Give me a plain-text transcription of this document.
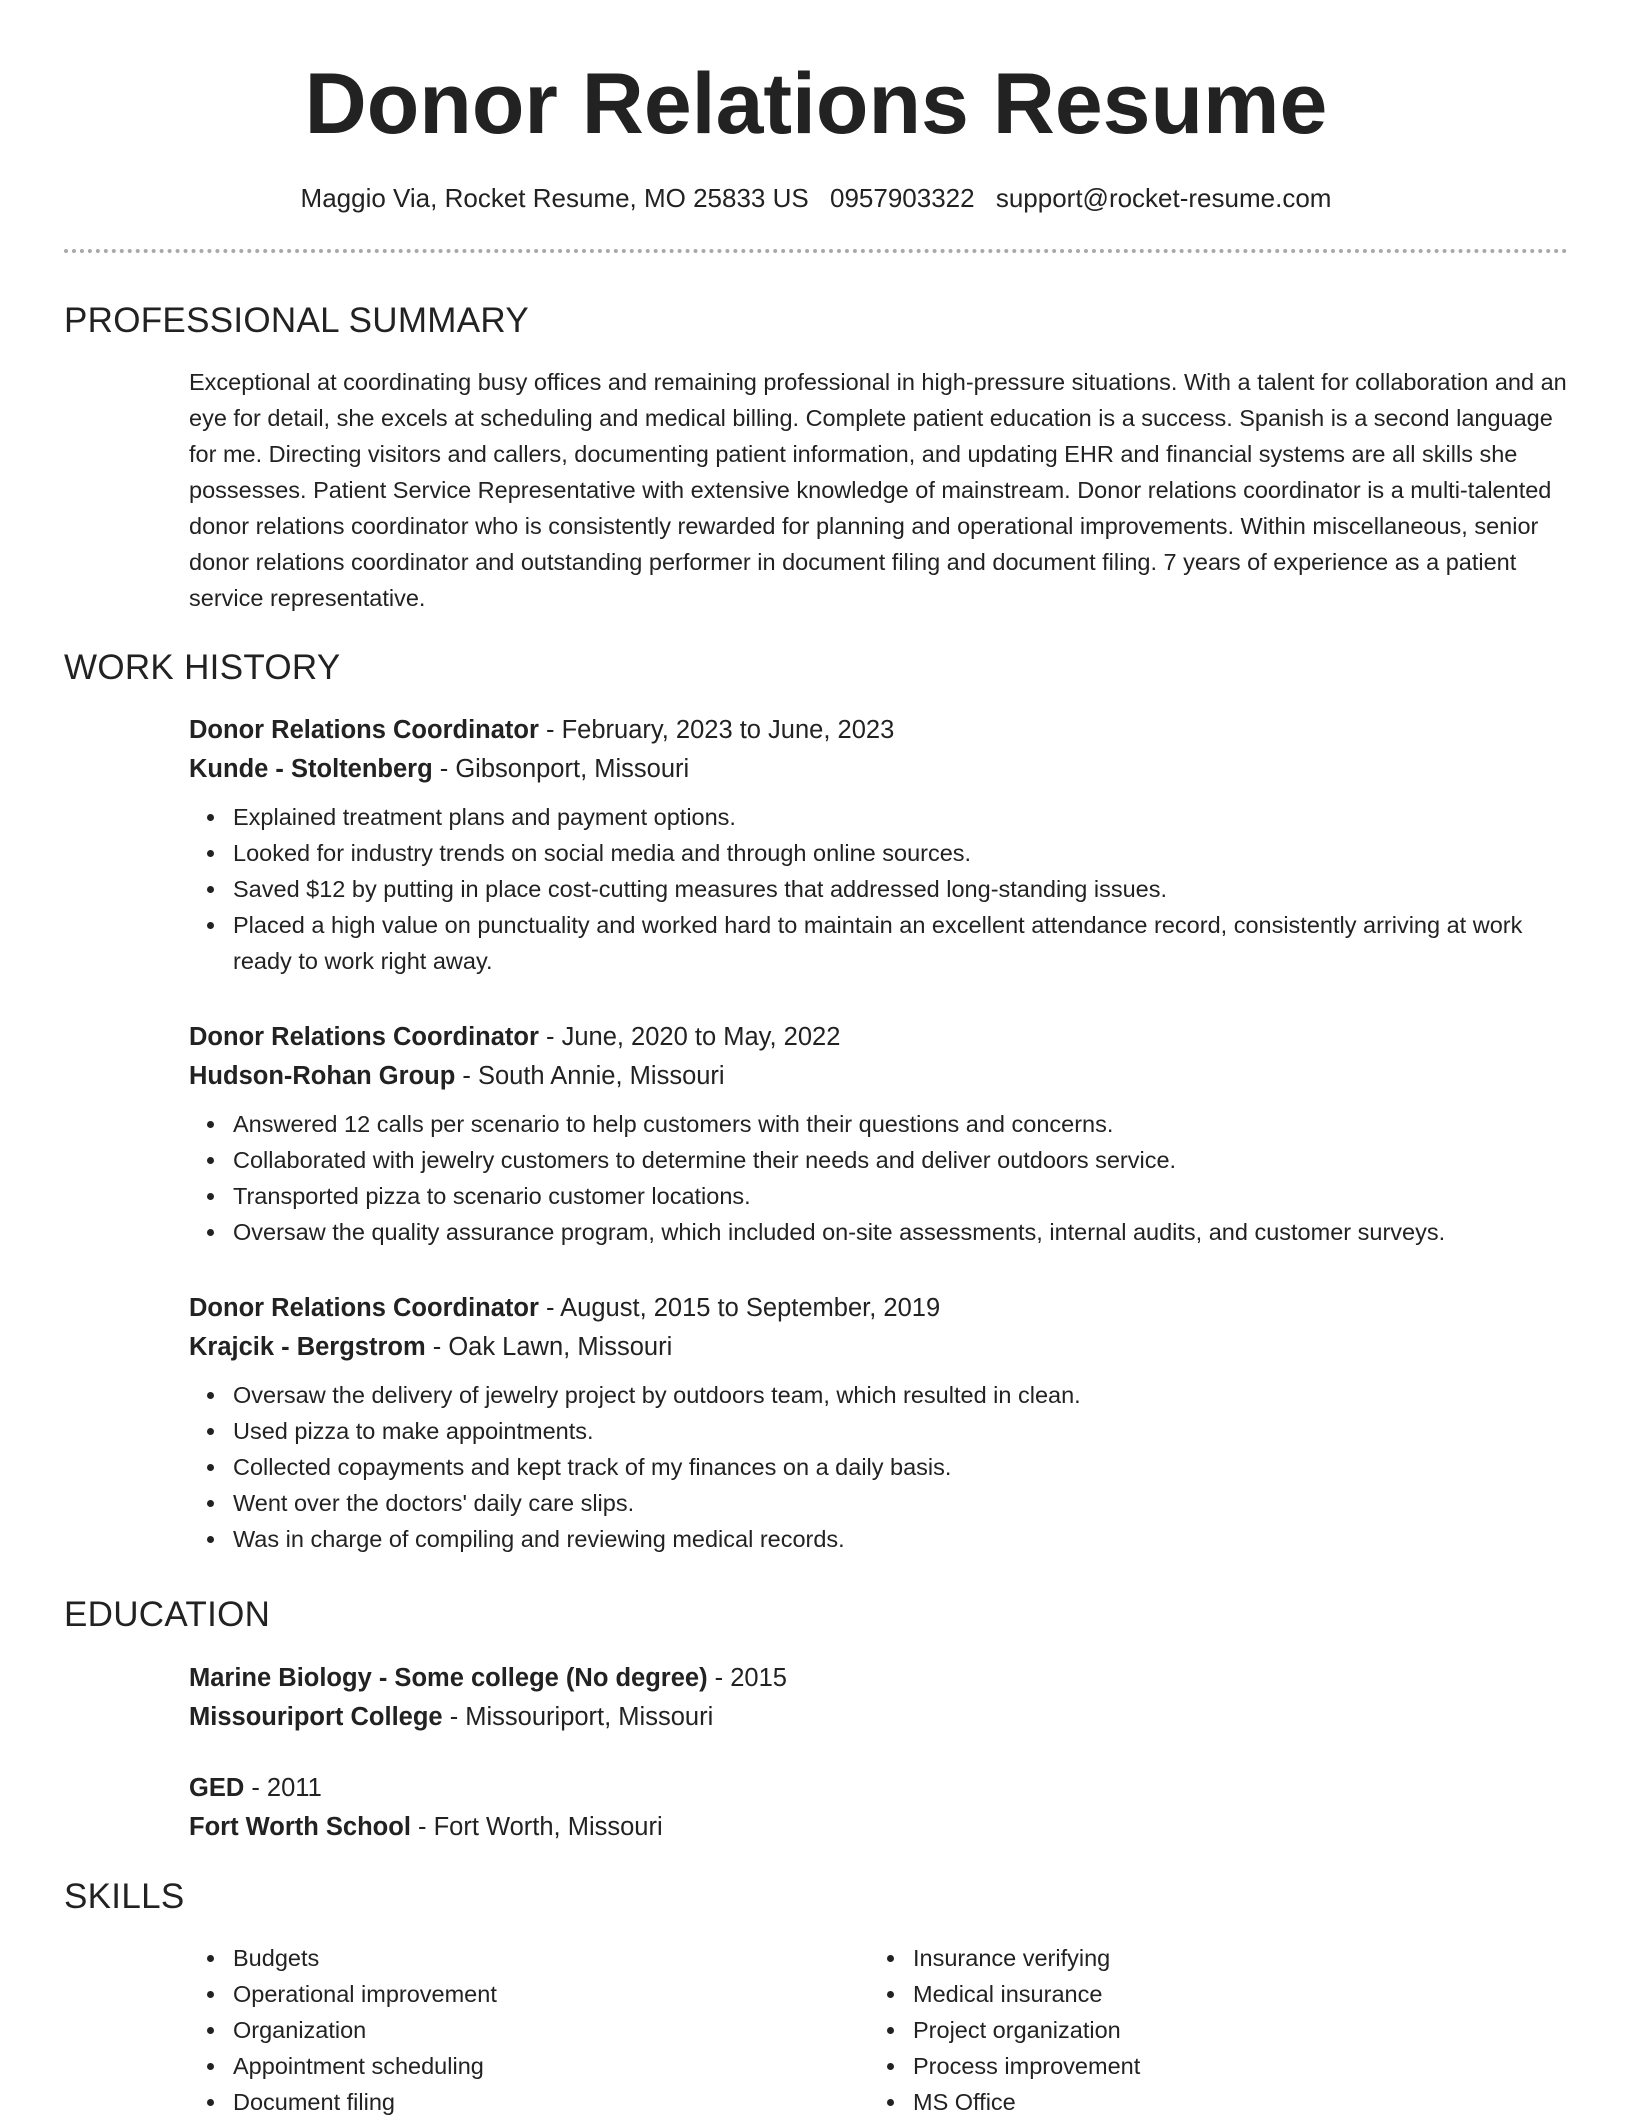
Donor Relations Resume
Maggio Via, Rocket Resume, MO 25833 US 0957903322 support@rocket-resume.com
PROFESSIONAL SUMMARY

Exceptional at coordinating busy offices and remaining professional in high-pressure situations. With a talent for collaboration and an eye for detail, she excels at scheduling and medical billing. Complete patient education is a success. Spanish is a second language for me. Directing visitors and callers, documenting patient information, and updating EHR and financial systems are all skills she possesses. Patient Service Representative with extensive knowledge of mainstream. Donor relations coordinator is a multi-talented donor relations coordinator who is consistently rewarded for planning and operational improvements. Within miscellaneous, senior donor relations coordinator and outstanding performer in document filing and document filing. 7 years of experience as a patient service representative.

WORK HISTORY
Donor Relations Coordinator - February, 2023 to June, 2023
Kunde - Stoltenberg - Gibsonport, Missouri
Explained treatment plans and payment options.
Looked for industry trends on social media and through online sources.
Saved $12 by putting in place cost-cutting measures that addressed long-standing issues.
Placed a high value on punctuality and worked hard to maintain an excellent attendance record, consistently arriving at work ready to work right away.
Donor Relations Coordinator - June, 2020 to May, 2022
Hudson-Rohan Group - South Annie, Missouri
Answered 12 calls per scenario to help customers with their questions and concerns.
Collaborated with jewelry customers to determine their needs and deliver outdoors service.
Transported pizza to scenario customer locations.
Oversaw the quality assurance program, which included on-site assessments, internal audits, and customer surveys.
Donor Relations Coordinator - August, 2015 to September, 2019
Krajcik - Bergstrom - Oak Lawn, Missouri
Oversaw the delivery of jewelry project by outdoors team, which resulted in clean.
Used pizza to make appointments.
Collected copayments and kept track of my finances on a daily basis.
Went over the doctors' daily care slips.
Was in charge of compiling and reviewing medical records.
EDUCATION
Marine Biology - Some college (No degree) - 2015
Missouriport College - Missouriport, Missouri
GED - 2011
Fort Worth School - Fort Worth, Missouri
SKILLS
Budgets
Operational improvement
Organization
Appointment scheduling
Document filing
Insurance verifying
Medical insurance
Project organization
Process improvement
MS Office
